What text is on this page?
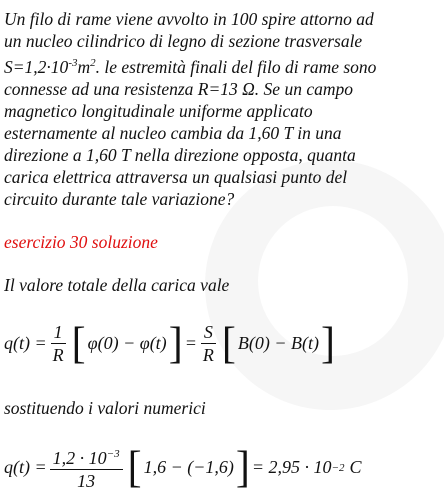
Un filo di rame viene avvolto in 100 spire attorno ad
un nucleo cilindrico di legno di sezione trasversale
$S=1,2\cdot 10^{-3}m^2$. le estremità finali del filo di rame sono
connesse ad una resistenza R=13 Ω. Se un campo
magnetico longitudinale uniforme applicato
esternamente al nucleo cambia da 1,60 T in una
direzione a 1,60 T nella direzione opposta, quanta
carica elettrica attraversa un qualsiasi punto del
circuito durante tale variazione?
esercizio 30 soluzione
Il valore totale della carica vale
$q(t) = \frac{1}{R}$ [ φ(0) − φ(t) ] = $\frac{S}{R}$ [ B(0) − B(t) ]
sostituendo i valori numerici
$q(t) = \frac{1,2 \cdot 10^{-3}}{13}$ [ 1,6 − (−1,6) ] = 2,95 · 10 −2 C
